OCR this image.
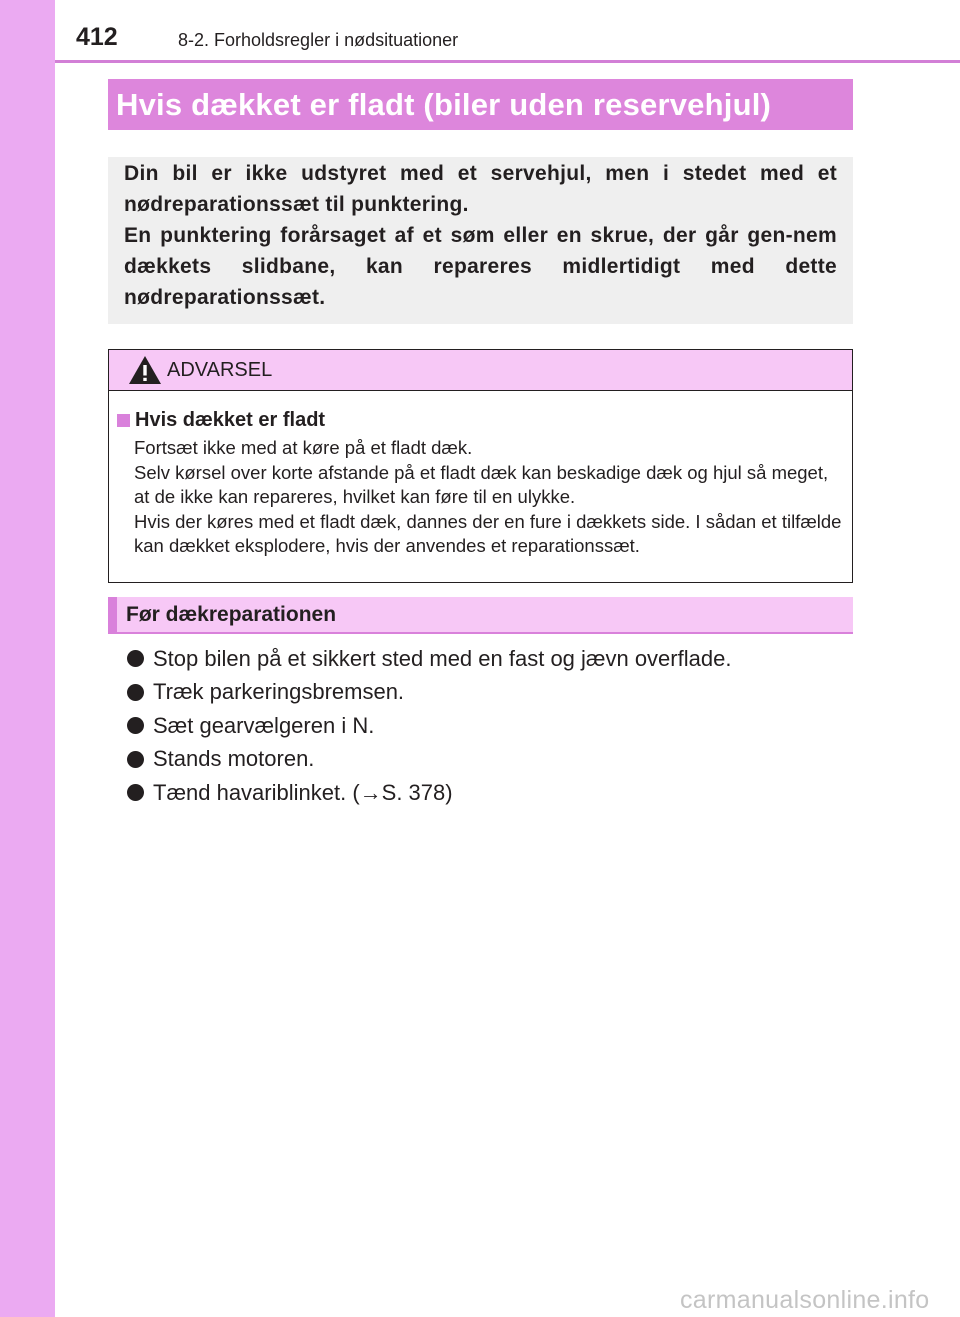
412	8-2. Forholdsregler i nødsituationer
Hvis dække​t er fladt (biler uden reservehjul)

Din bil er ikke udstyret med et servehjul, men i stedet med et nødreparationssæt til punktering.

En punktering forårsaget af et søm eller en skrue, der går gen-nem dækkets slidbane, kan repareres midlertidigt med dette nødreparationssæt.

ADVARSEL
Hvis dækket er fladt

Fortsæt ikke med at køre på et fladt dæk.

Selv kørsel over korte afstande på et fladt dæk kan beskadige dæk og hjul så meget, at de ikke kan repareres, hvilket kan føre til en ulykke.

Hvis der køres med et fladt dæk, dannes der en fure i dækkets side. I sådan et tilfælde kan dækket eksplodere, hvis der anvendes et reparationssæt.

Før dækreparationen
Stop bilen på et sikkert sted med en fast og jævn overflade.
Træk parkeringsbremsen.
Sæt gearvælgeren i N.
Stands motoren.
Tænd havariblinket. (→S. 378)
carmanualsonline.info
